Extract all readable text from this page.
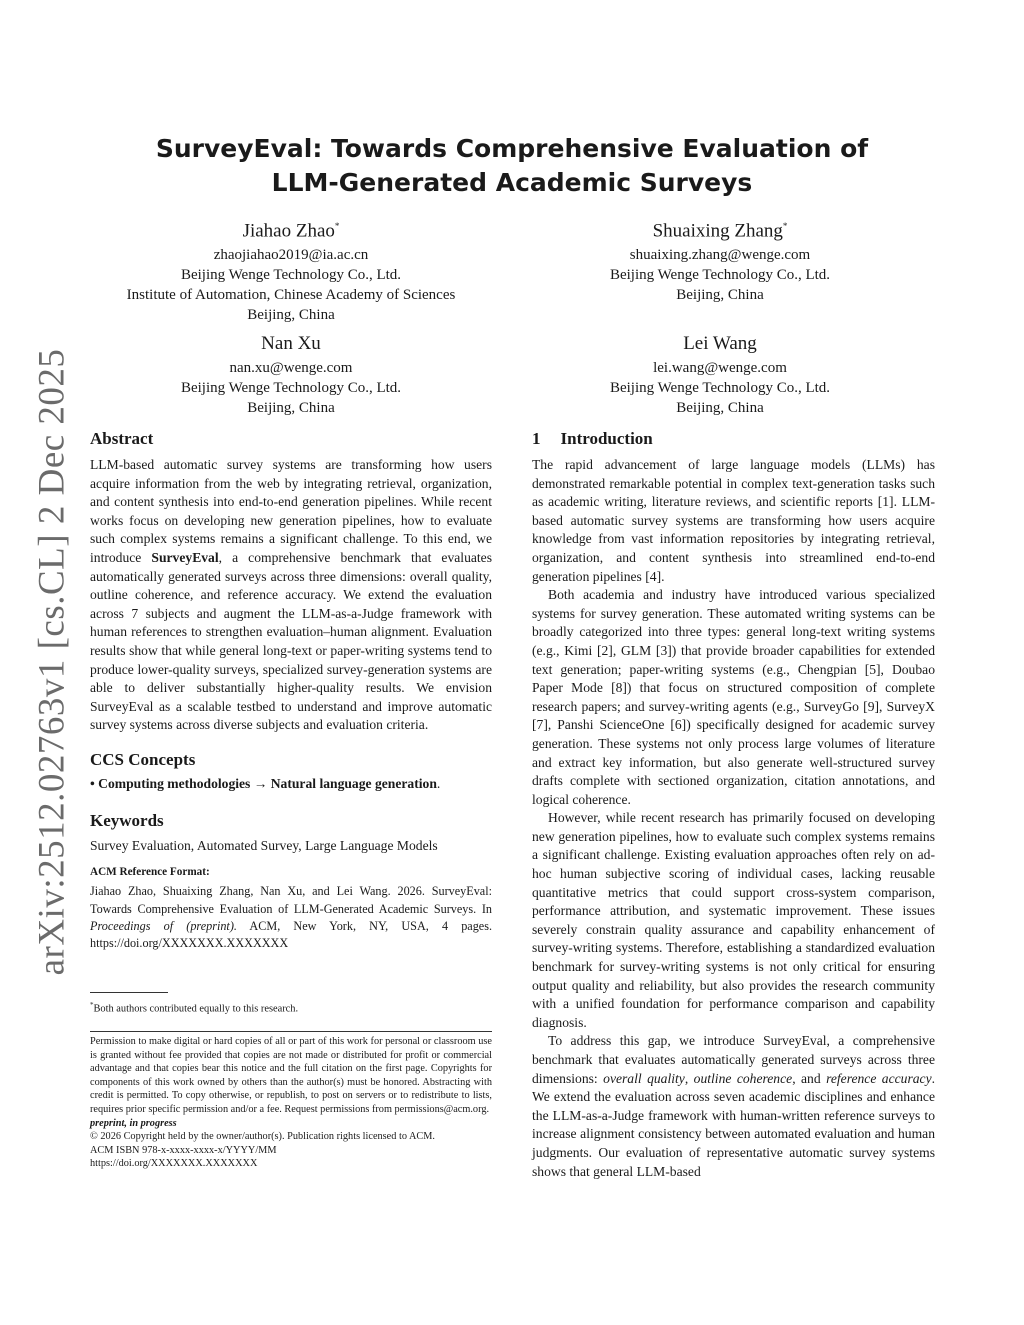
arXiv:2512.02763v1 [cs.CL] 2 Dec 2025
SurveyEval: Towards Comprehensive Evaluation of
LLM-Generated Academic Surveys
Jiahao Zhao*
zhaojiahao2019@ia.ac.cn
Beijing Wenge Technology Co., Ltd.
Institute of Automation, Chinese Academy of Sciences
Beijing, China
Shuaixing Zhang*
shuaixing.zhang@wenge.com
Beijing Wenge Technology Co., Ltd.
Beijing, China
Nan Xu
nan.xu@wenge.com
Beijing Wenge Technology Co., Ltd.
Beijing, China
Lei Wang
lei.wang@wenge.com
Beijing Wenge Technology Co., Ltd.
Beijing, China
Abstract

LLM-based automatic survey systems are transforming how users acquire information from the web by integrating retrieval, organization, and content synthesis into end-to-end generation pipelines. While recent works focus on developing new generation pipelines, how to evaluate such complex systems remains a significant challenge. To this end, we introduce SurveyEval, a comprehensive benchmark that evaluates automatically generated surveys across three dimensions: overall quality, outline coherence, and reference accuracy. We extend the evaluation across 7 subjects and augment the LLM-as-a-Judge framework with human references to strengthen evaluation–human alignment. Evaluation results show that while general long-text or paper-writing systems tend to produce lower-quality surveys, specialized survey-generation systems are able to deliver substantially higher-quality results. We envision SurveyEval as a scalable testbed to understand and improve automatic survey systems across diverse subjects and evaluation criteria.

CCS Concepts

• Computing methodologies → Natural language generation.

Keywords

Survey Evaluation, Automated Survey, Large Language Models

ACM Reference Format:

Jiahao Zhao, Shuaixing Zhang, Nan Xu, and Lei Wang. 2026. SurveyEval: Towards Comprehensive Evaluation of LLM-Generated Academic Surveys. In Proceedings of (preprint). ACM, New York, NY, USA, 4 pages. https://doi.org/XXXXXXX.XXXXXXX

*Both authors contributed equally to this research.

Permission to make digital or hard copies of all or part of this work for personal or classroom use is granted without fee provided that copies are not made or distributed for profit or commercial advantage and that copies bear this notice and the full citation on the first page. Copyrights for components of this work owned by others than the author(s) must be honored. Abstracting with credit is permitted. To copy otherwise, or republish, to post on servers or to redistribute to lists, requires prior specific permission and/or a fee. Request permissions from permissions@acm.org.

preprint, in progress
© 2026 Copyright held by the owner/author(s). Publication rights licensed to ACM.
ACM ISBN 978-x-xxxx-xxxx-x/YYYY/MM
https://doi.org/XXXXXXX.XXXXXXX
1 Introduction

The rapid advancement of large language models (LLMs) has demonstrated remarkable potential in complex text-generation tasks such as academic writing, literature reviews, and scientific reports [1]. LLM-based automatic survey systems are transforming how users acquire knowledge from vast information repositories by integrating retrieval, organization, and content synthesis into streamlined end-to-end generation pipelines [4].

Both academia and industry have introduced various specialized systems for survey generation. These automated writing systems can be broadly categorized into three types: general long-text writing systems (e.g., Kimi [2], GLM [3]) that provide broader capabilities for extended text generation; paper-writing systems (e.g., Chengpian [5], Doubao Paper Mode [8]) that focus on structured composition of complete research papers; and survey-writing agents (e.g., SurveyGo [9], SurveyX [7], Panshi ScienceOne [6]) specifically designed for academic survey generation. These systems not only process large volumes of literature and extract key information, but also generate well-structured survey drafts complete with sectioned organization, citation annotations, and logical coherence.

However, while recent research has primarily focused on developing new generation pipelines, how to evaluate such complex systems remains a significant challenge. Existing evaluation approaches often rely on ad-hoc human subjective scoring of individual cases, lacking reusable quantitative metrics that could support cross-system comparison, performance attribution, and systematic improvement. These issues severely constrain quality assurance and capability enhancement of survey-writing systems. Therefore, establishing a standardized evaluation benchmark for survey-writing systems is not only critical for ensuring output quality and reliability, but also provides the research community with a unified foundation for performance comparison and capability diagnosis.

To address this gap, we introduce SurveyEval, a comprehensive benchmark that evaluates automatically generated surveys across three dimensions: overall quality, outline coherence, and reference accuracy. We extend the evaluation across seven academic disciplines and enhance the LLM-as-a-Judge framework with human-written reference surveys to increase alignment consistency between automated evaluation and human judgments. Our evaluation of representative automatic survey systems shows that general LLM-based
